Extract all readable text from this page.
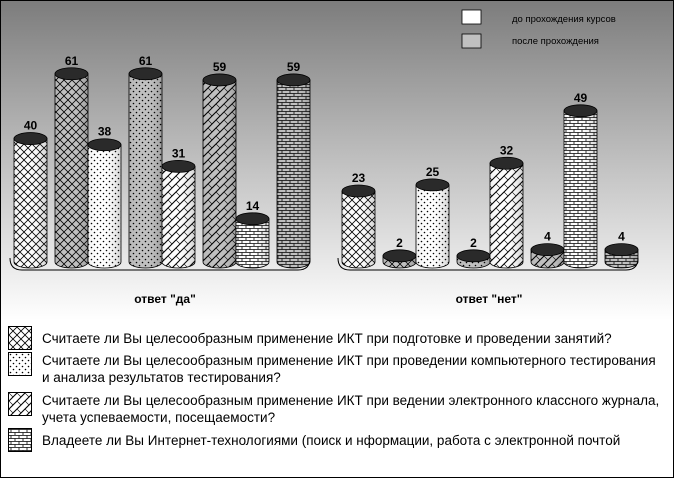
40
61
38
61
31
59
14
59
23
2
25
2
32
4
49
4
ответ "да"	ответ "нет"
до прохождения курсов
после прохождения
Считаете ли Вы целесообразным применение ИКТ при подготовке и проведении занятий?
Считаете ли Вы целесообразным применение ИКТ при проведении компьютерного тестирования и анализа результатов тестирования?
Считаете ли Вы целесообразным применение ИКТ при ведении электронного классного журнала, учета успеваемости, посещаемости?
Владеете ли Вы Интернет-технологиями (поиск и нформации, работа с электронной почтой
